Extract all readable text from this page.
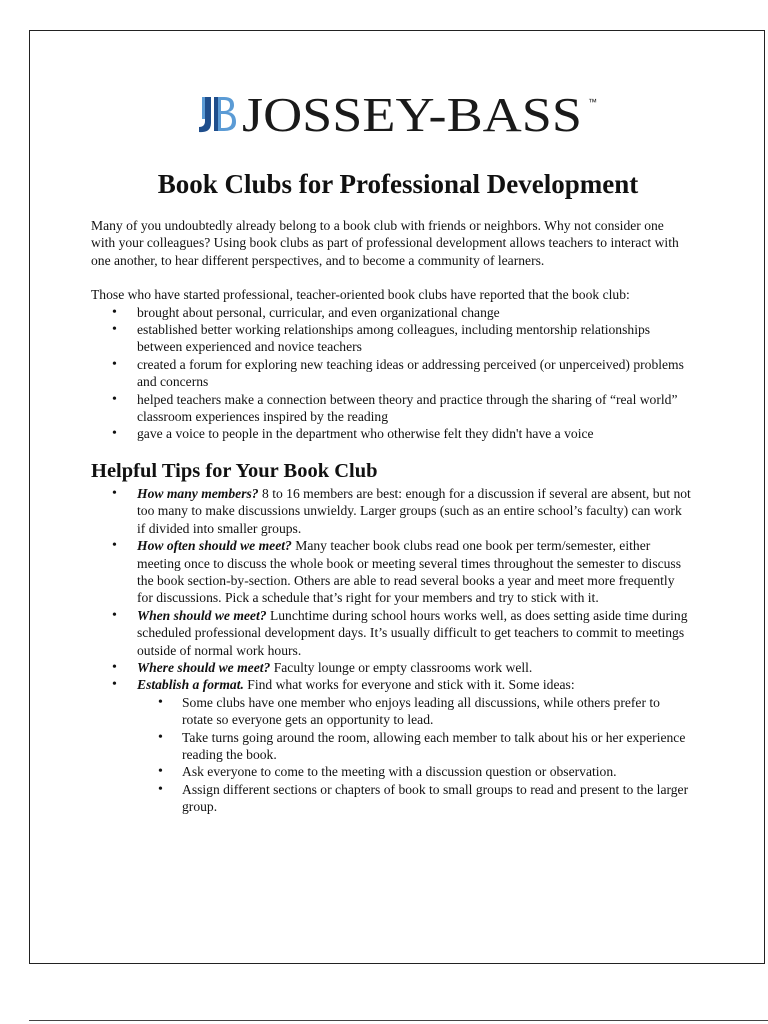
JOSSEY-BASS ™
Book Clubs for Professional Development

Many of you undoubtedly already belong to a book club with friends or neighbors. Why not consider one with your colleagues? Using book clubs as part of professional development allows teachers to interact with one another, to hear different perspectives, and to become a community of learners.

Those who have started professional, teacher-oriented book clubs have reported that the book club:

• brought about personal, curricular, and even organizational change
• established better working relationships among colleagues, including mentorship relationships between experienced and novice teachers
• created a forum for exploring new teaching ideas or addressing perceived (or unperceived) problems and concerns
• helped teachers make a connection between theory and practice through the sharing of “real world” classroom experiences inspired by the reading
• gave a voice to people in the department who otherwise felt they didn't have a voice
Helpful Tips for Your Book Club
• How many members? 8 to 16 members are best: enough for a discussion if several are absent, but not too many to make discussions unwieldy. Larger groups (such as an entire school’s faculty) can work if divided into smaller groups.
• How often should we meet? Many teacher book clubs read one book per term/semester, either meeting once to discuss the whole book or meeting several times throughout the semester to discuss the book section-by-section. Others are able to read several books a year and meet more frequently for discussions. Pick a schedule that’s right for your members and try to stick with it.
• When should we meet? Lunchtime during school hours works well, as does setting aside time during scheduled professional development days. It’s usually difficult to get teachers to commit to meetings outside of normal work hours.
• Where should we meet? Faculty lounge or empty classrooms work well.
• Establish a format. Find what works for everyone and stick with it. Some ideas:
• Some clubs have one member who enjoys leading all discussions, while others prefer to rotate so everyone gets an opportunity to lead.
• Take turns going around the room, allowing each member to talk about his or her experience reading the book.
• Ask everyone to come to the meeting with a discussion question or observation.
• Assign different sections or chapters of book to small groups to read and present to the larger group.
